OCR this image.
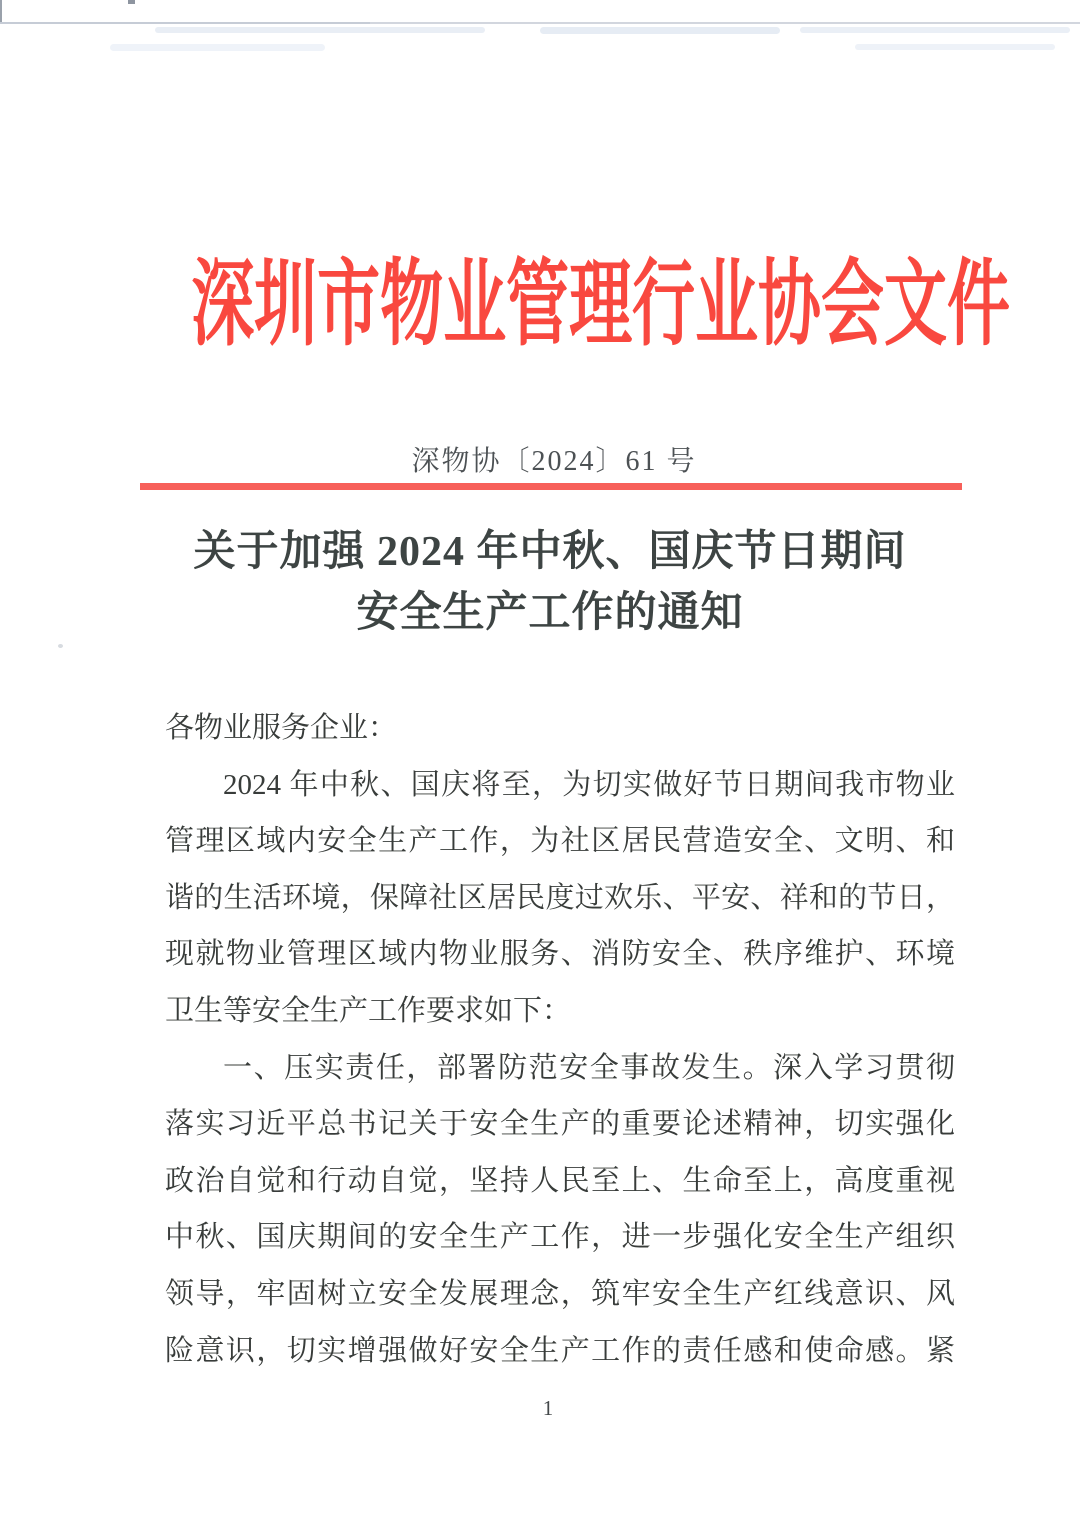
深圳市物业管理行业协会文件
深物协〔2024〕61 号
关于加强 2024 年中秋、国庆节日期间
安全生产工作的通知
各物业服务企业：
2024 年中秋、国庆将至，为切实做好节日期间我市物业
管理区域内安全生产工作，为社区居民营造安全、文明、和
谐的生活环境，保障社区居民度过欢乐、平安、祥和的节日，
现就物业管理区域内物业服务、消防安全、秩序维护、环境
卫生等安全生产工作要求如下：
一、压实责任，部署防范安全事故发生。深入学习贯彻
落实习近平总书记关于安全生产的重要论述精神，切实强化
政治自觉和行动自觉，坚持人民至上、生命至上，高度重视
中秋、国庆期间的安全生产工作，进一步强化安全生产组织
领导，牢固树立安全发展理念，筑牢安全生产红线意识、风
险意识，切实增强做好安全生产工作的责任感和使命感。紧
1
